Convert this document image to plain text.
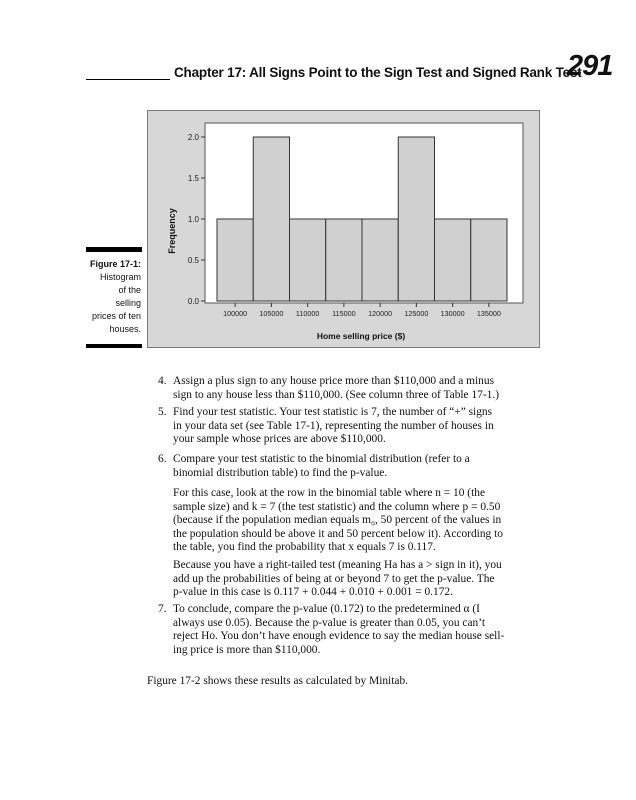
Chapter 17: All Signs Point to the Sign Test and Signed Rank Test
291
0.0
0.5
1.0
1.5
2.0
100000 105000 110000 115000 120000 125000 130000 135000
Frequency
Home selling price ($)
Figure 17-1:
Histogram
of the
selling
prices of ten
houses.
4. Assign a plus sign to any house price more than $110,000 and a minus
sign to any house less than $110,000. (See column three of Table 17-1.)
5. Find your test statistic. Your test statistic is 7, the number of “+” signs
in your data set (see Table 17-1), representing the number of houses in
your sample whose prices are above $110,000.
6. Compare your test statistic to the binomial distribution (refer to a
binomial distribution table) to find the p-value.
For this case, look at the row in the binomial table where n = 10 (the
sample size) and k = 7 (the test statistic) and the column where p = 0.50
(because if the population median equals m₀, 50 percent of the values in
the population should be above it and 50 percent below it). According to
the table, you find the probability that x equals 7 is 0.117.
Because you have a right-tailed test (meaning Ha has a > sign in it), you
add up the probabilities of being at or beyond 7 to get the p-value. The
p-value in this case is 0.117 + 0.044 + 0.010 + 0.001 = 0.172.
7. To conclude, compare the p-value (0.172) to the predetermined α (I
always use 0.05). Because the p-value is greater than 0.05, you can’t
reject Ho. You don’t have enough evidence to say the median house sell-
ing price is more than $110,000.
Figure 17-2 shows these results as calculated by Minitab.
